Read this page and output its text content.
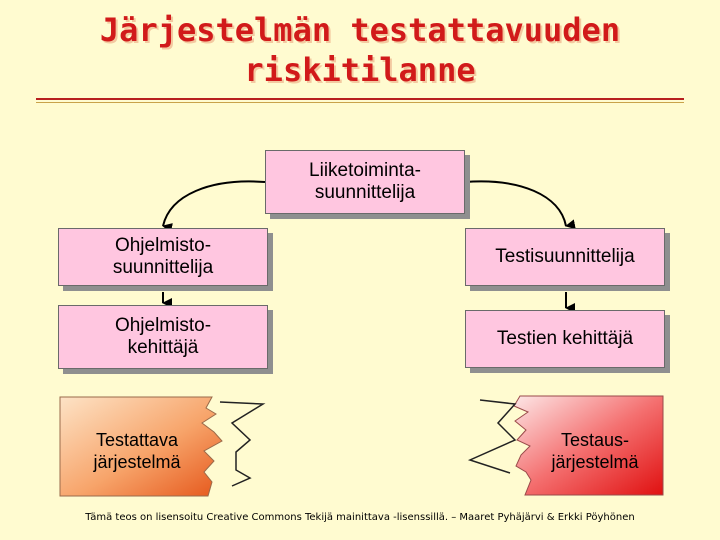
Järjestelmän testattavuuden
riskitilanne
Liiketoiminta-
suunnittelija
Ohjelmisto-
suunnittelija
Testisuunnittelija
Ohjelmisto-
kehittäjä	Testien kehittäjä
Testattava
järjestelmä
Testaus-
järjestelmä
Tämä teos on lisensoitu Creative Commons Tekijä mainittava -lisenssillä. – Maaret Pyhäjärvi & Erkki Pöyhönen
